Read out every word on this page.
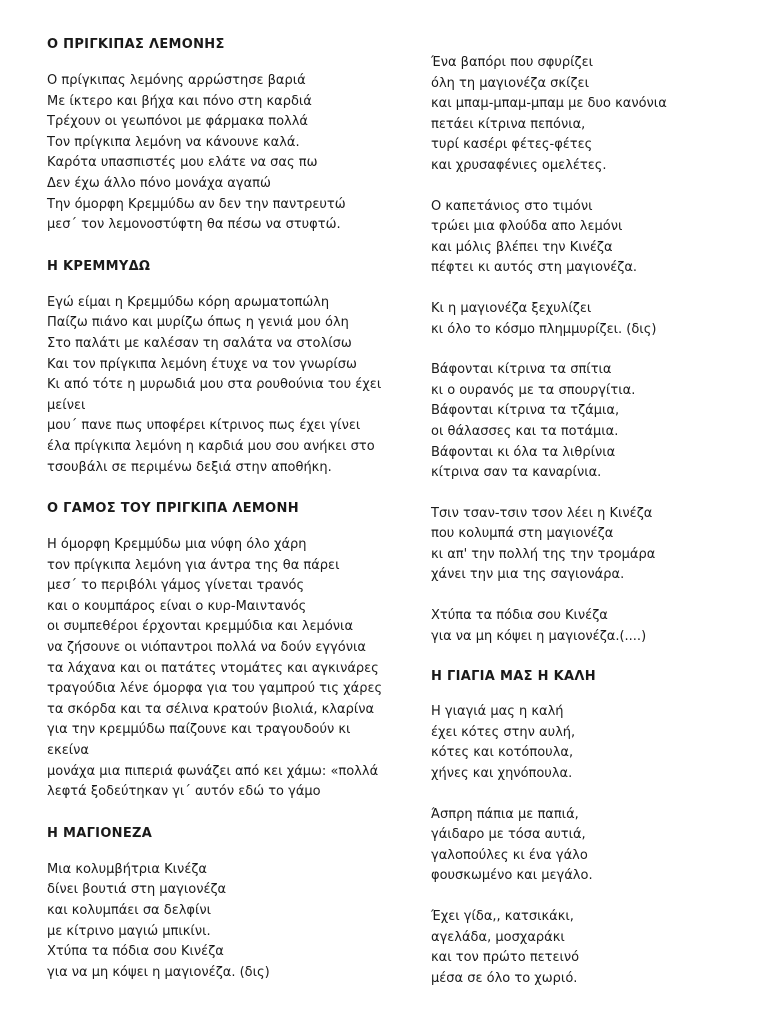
Ο ΠΡΙΓΚΙΠΑΣ ΛΕΜΟΝΗΣ
Ο πρίγκιπας λεμόνης αρρώστησε βαριά
Με ίκτερο και βήχα και πόνο στη καρδιά
Τρέχουν οι γεωπόνοι με φάρμακα πολλά
Τον πρίγκιπα λεμόνη να κάνουνε καλά.
Καρότα υπασπιστές μου ελάτε να σας πω
Δεν έχω άλλο πόνο μονάχα αγαπώ
Την όμορφη Κρεμμύδω αν δεν την παντρευτώ
μεσ΄ τον λεμονοστύφτη θα πέσω να στυφτώ.
Η ΚΡΕΜΜΥΔΩ
Εγώ είμαι η Κρεμμύδω κόρη αρωματοπώλη
Παίζω πιάνο και μυρίζω όπως η γενιά μου όλη
Στο παλάτι με καλέσαν τη σαλάτα να στολίσω
Και τον πρίγκιπα λεμόνη έτυχε να τον γνωρίσω
Κι από τότε η μυρωδιά μου στα ρουθούνια του έχει
μείνει
μου΄ πανε πως υποφέρει κίτρινος πως έχει γίνει
έλα πρίγκιπα λεμόνη η καρδιά μου σου ανήκει στο
τσουβάλι σε περιμένω δεξιά στην αποθήκη.
Ο ΓΑΜΟΣ ΤΟΥ ΠΡΙΓΚΙΠΑ ΛΕΜΟΝΗ
Η όμορφη Κρεμμύδω μια νύφη όλο χάρη
τον πρίγκιπα λεμόνη για άντρα της θα πάρει
μεσ΄ το περιβόλι γάμος γίνεται τρανός
και ο κουμπάρος είναι ο κυρ-Μαιντανός
οι συμπεθέροι έρχονται κρεμμύδια και λεμόνια
να ζήσουνε οι νιόπαντροι πολλά να δούν εγγόνια
τα λάχανα και οι πατάτες ντομάτες και αγκινάρες
τραγούδια λένε όμορφα για του γαμπρού τις χάρες
τα σκόρδα και τα σέλινα κρατούν βιολιά, κλαρίνα
για την κρεμμύδω παίζουνε και τραγουδούν κι
εκείνα
μονάχα μια πιπεριά φωνάζει από κει χάμω: «πολλά
λεφτά ξοδεύτηκαν γι΄ αυτόν εδώ το γάμο
Η ΜΑΓΙΟΝΕΖΑ
Μια κολυμβήτρια Κινέζα
δίνει βουτιά στη μαγιονέζα
και κολυμπάει σα δελφίνι
με κίτρινο μαγιώ μπικίνι.
Χτύπα τα πόδια σου Κινέζα
για να μη κόψει η μαγιονέζα. (δις)
Ένα βαπόρι που σφυρίζει
όλη τη μαγιονέζα σκίζει
και μπαμ-μπαμ-μπαμ με δυο κανόνια
πετάει κίτρινα πεπόνια,
τυρί κασέρι φέτες-φέτες
και χρυσαφένιες ομελέτες.
Ο καπετάνιος στο τιμόνι
τρώει μια φλούδα απο λεμόνι
και μόλις βλέπει την Κινέζα
πέφτει κι αυτός στη μαγιονέζα.
Κι η μαγιονέζα ξεχυλίζει
κι όλο το κόσμο πλημμυρίζει. (δις)
Βάφονται κίτρινα τα σπίτια
κι ο ουρανός με τα σπουργίτια.
Βάφονται κίτρινα τα τζάμια,
οι θάλασσες και τα ποτάμια.
Βάφονται κι όλα τα λιθρίνια
κίτρινα σαν τα καναρίνια.
Τσιν τσαν-τσιν τσον λέει η Κινέζα
που κολυμπά στη μαγιονέζα
κι απ' την πολλή της την τρομάρα
χάνει την μια της σαγιονάρα.
Χτύπα τα πόδια σου Κινέζα
για να μη κόψει η μαγιονέζα.(....)
Η ΓΙΑΓΙΑ ΜΑΣ Η ΚΑΛΗ
Η γιαγιά μας η καλή
έχει κότες στην αυλή,
κότες και κοτόπουλα,
χήνες και χηνόπουλα.
Άσπρη πάπια με παπιά,
γάιδαρο με τόσα αυτιά,
γαλοπούλες κι ένα γάλο
φουσκωμένο και μεγάλο.
Έχει γίδα,, κατσικάκι,
αγελάδα, μοσχαράκι
και τον πρώτο πετεινό
μέσα σε όλο το χωριό.
